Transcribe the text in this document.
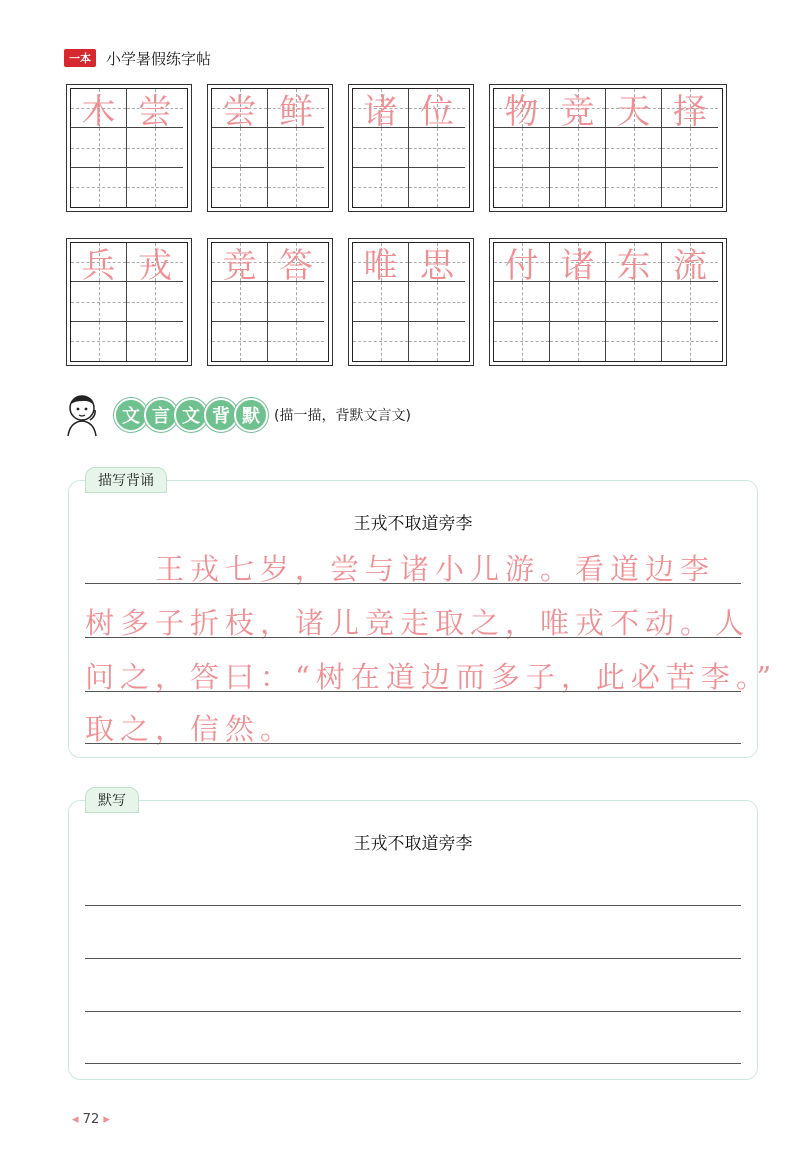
一本	小学暑假练字帖
木 尝	尝 鲜	诸 位	物 竞 天 择
兵 戎	竞 答	唯 思	付 诸 东 流
文 言 文 背 默	(描一描，背默文言文)
描写背诵
王戎不取道旁李
　　王戎七岁，尝与诸小儿游。看道边李
树多子折枝，诸儿竞走取之，唯戎不动。人
问之，答曰：“树在道边而多子，此必苦李。”
取之，信然。
默写
王戎不取道旁李
◂ 72 ▸
